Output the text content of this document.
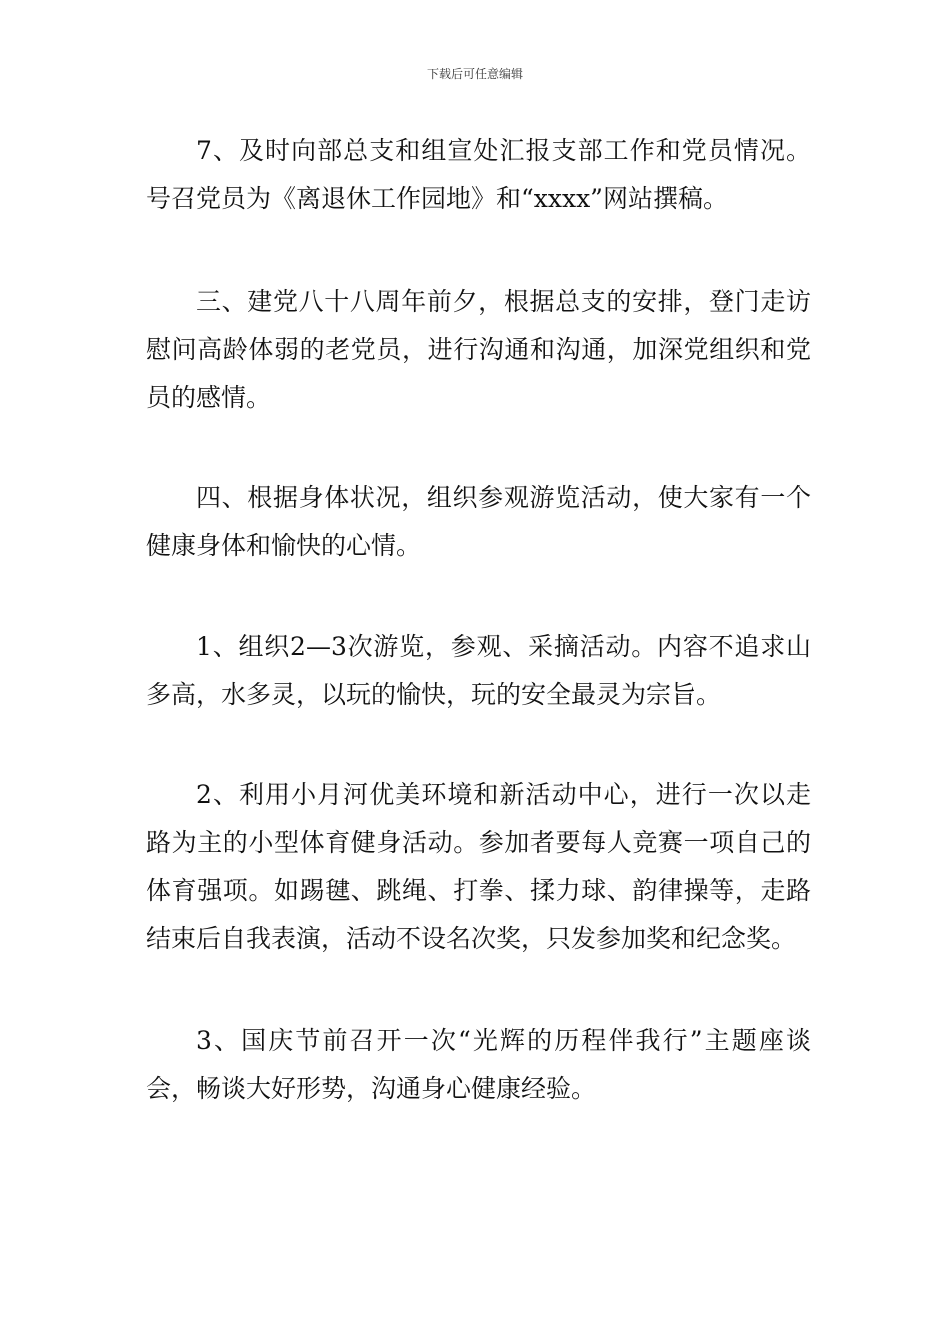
下载后可任意编辑

7、及时向部总支和组宣处汇报支部工作和党员情况。号召党员为《离退休工作园地》和“xxxx”网站撰稿。

三、建党八十八周年前夕，根据总支的安排，登门走访慰问高龄体弱的老党员，进行沟通和沟通，加深党组织和党员的感情。

四、根据身体状况，组织参观游览活动，使大家有一个健康身体和愉快的心情。

1、组织2—3次游览，参观、采摘活动。内容不追求山多高，水多灵，以玩的愉快，玩的安全最灵为宗旨。

2、利用小月河优美环境和新活动中心，进行一次以走路为主的小型体育健身活动。参加者要每人竞赛一项自己的体育强项。如踢毽、跳绳、打拳、揉力球、韵律操等，走路结束后自我表演，活动不设名次奖，只发参加奖和纪念奖。

3、国庆节前召开一次“光辉的历程伴我行”主题座谈会，畅谈大好形势，沟通身心健康经验。
